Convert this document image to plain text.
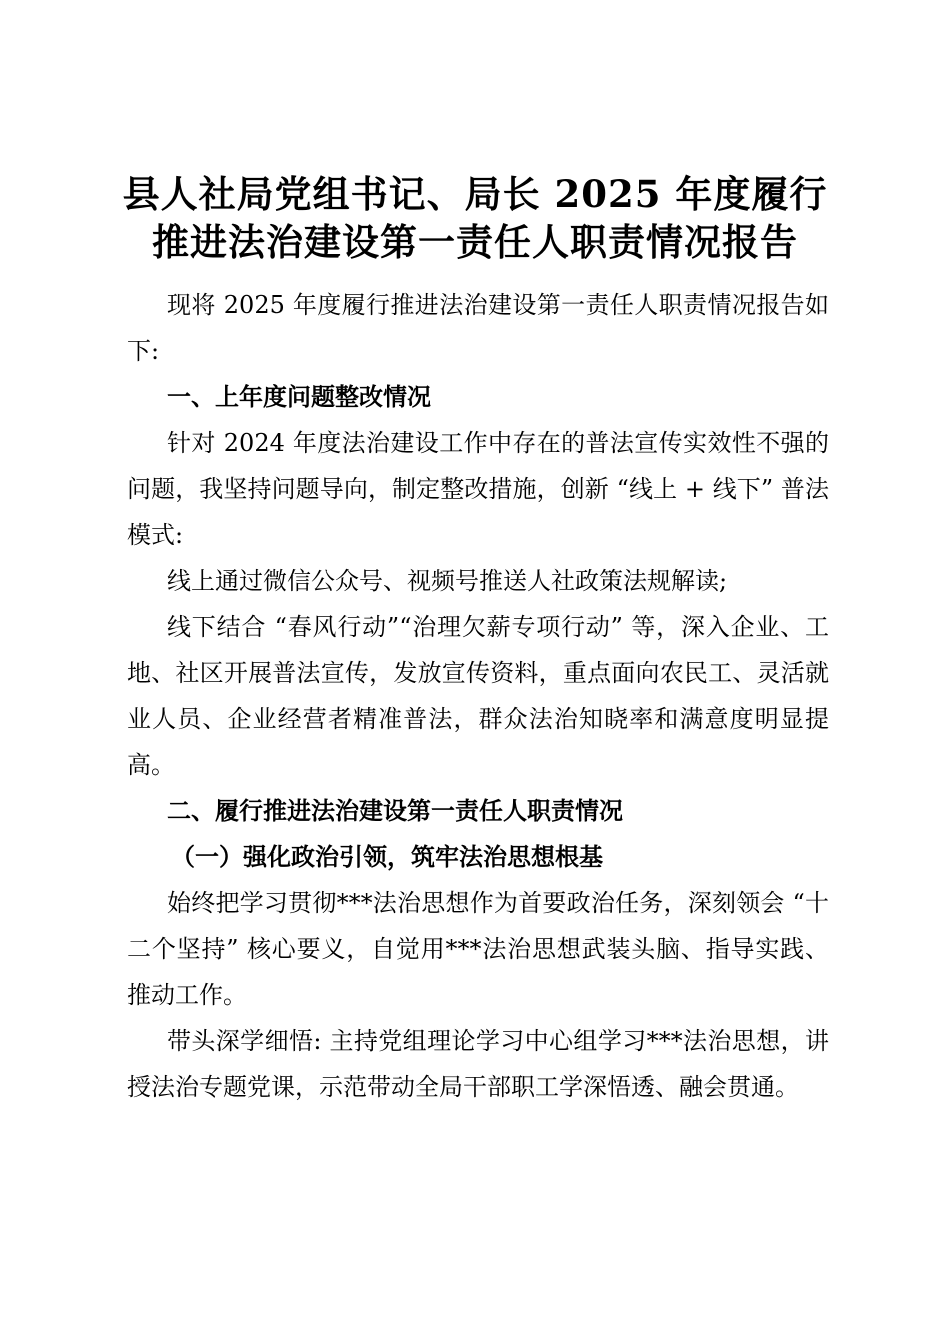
县人社局党组书记、局长 2025 年度履行
推进法治建设第一责任人职责情况报告

现将 2025 年度履行推进法治建设第一责任人职责情况报告如下:

一、上年度问题整改情况

针对 2024 年度法治建设工作中存在的普法宣传实效性不强的问题，我坚持问题导向，制定整改措施，创新 “线上 + 线下” 普法模式:

线上通过微信公众号、视频号推送人社政策法规解读;

线下结合 “春风行动”“治理欠薪专项行动” 等，深入企业、工地、社区开展普法宣传，发放宣传资料，重点面向农民工、灵活就业人员、企业经营者精准普法，群众法治知晓率和满意度明显提高。

二、履行推进法治建设第一责任人职责情况

（一）强化政治引领，筑牢法治思想根基

始终把学习贯彻***法治思想作为首要政治任务，深刻领会 “十二个坚持” 核心要义，自觉用***法治思想武装头脑、指导实践、推动工作。

带头深学细悟: 主持党组理论学习中心组学习***法治思想，讲授法治专题党课，示范带动全局干部职工学深悟透、融会贯通。
